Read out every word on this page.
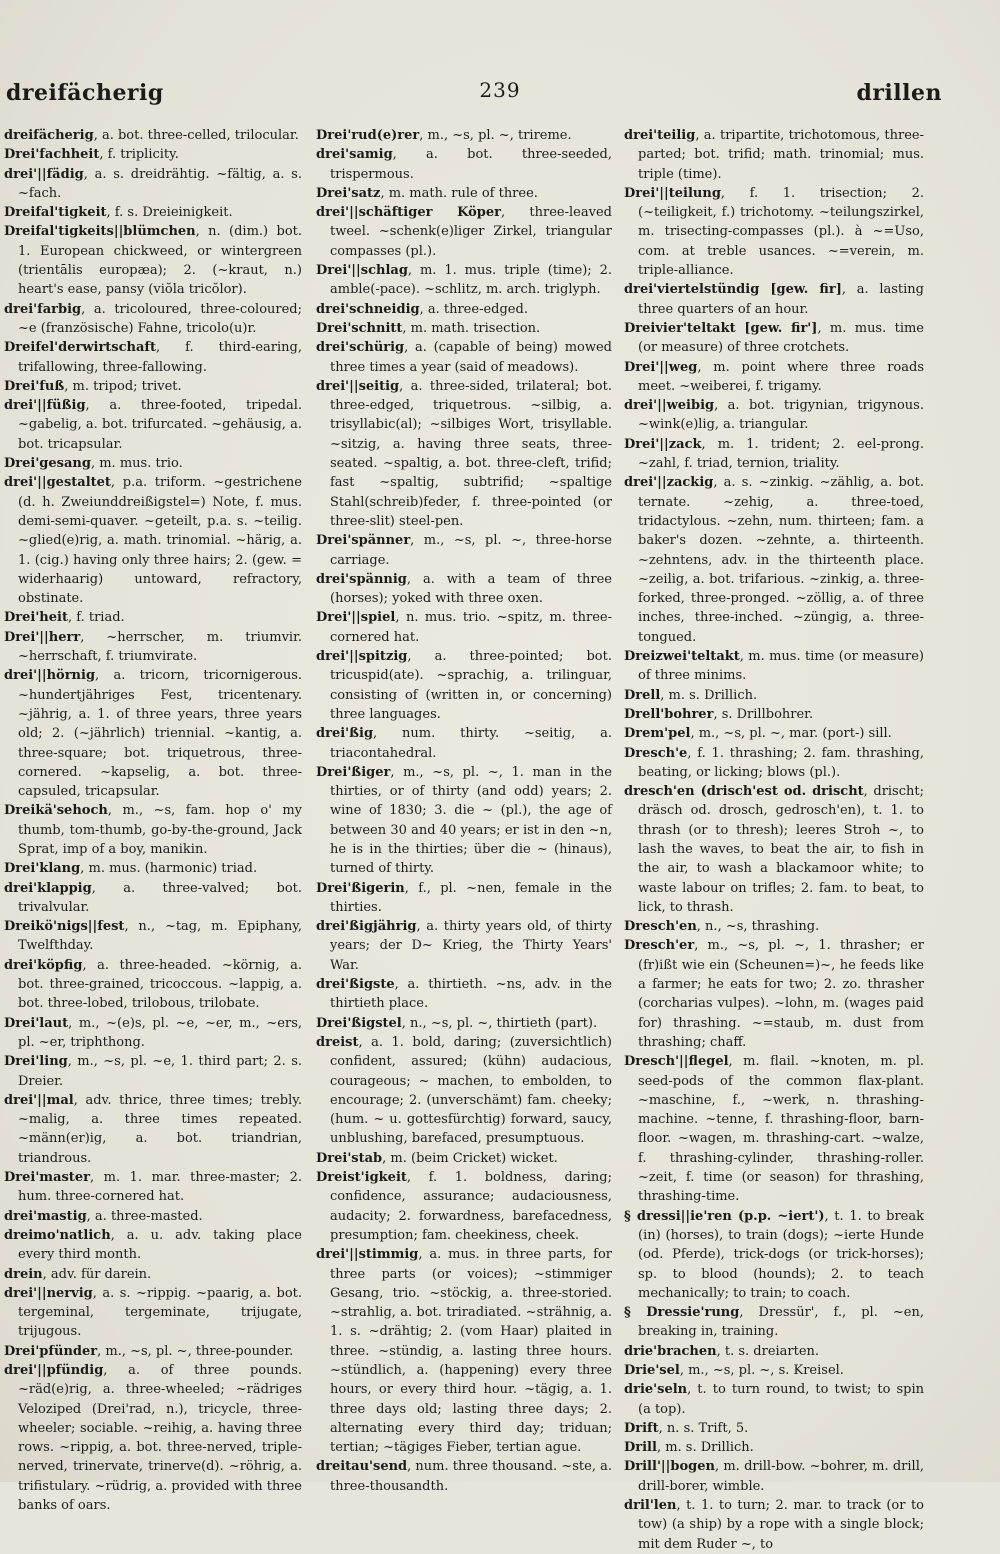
dreifächerig	239	drillen

dreifächerig, a. bot. three-celled, trilocular.

Drei'fachheit, f. triplicity.

drei'||fädig, a. s. dreidrähtig. ~fältig, a. s. ~fach.

Dreifal'tigkeit, f. s. Dreieinigkeit.

Dreifal'tigkeits||blümchen, n. (dim.) bot. 1. European chickweed, or wintergreen (trientālis europæa); 2. (~kraut, n.) heart's ease, pansy (viŏla tricŏlor).

drei'farbig, a. tricoloured, three-coloured; ~e (französische) Fahne, tricolo(u)r.

Dreifel'derwirtschaft, f. third-earing, trifallowing, three-fallowing.

Drei'fuß, m. tripod; trivet.

drei'||füßig, a. three-footed, tripedal. ~gabelig, a. bot. trifurcated. ~gehäusig, a. bot. tricapsular.

Drei'gesang, m. mus. trio.

drei'||gestaltet, p.a. triform. ~gestrichene (d. h. Zweiunddreißigstel=) Note, f. mus. demi-semi-quaver. ~geteilt, p.a. s. ~teilig. ~glied(e)rig, a. math. trinomial. ~härig, a. 1. (cig.) having only three hairs; 2. (gew. = widerhaarig) untoward, refractory, obstinate.

Drei'heit, f. triad.

Drei'||herr, ~herrscher, m. triumvir. ~herrschaft, f. triumvirate.

drei'||hörnig, a. tricorn, tricornigerous. ~hundertjähriges Fest, tricentenary. ~jährig, a. 1. of three years, three years old; 2. (~jährlich) triennial. ~kantig, a. three-square; bot. triquetrous, three-cornered. ~kapselig, a. bot. three-capsuled, tricapsular.

Dreikä'sehoch, m., ~s, fam. hop o' my thumb, tom-thumb, go-by-the-ground, Jack Sprat, imp of a boy, manikin.

Drei'klang, m. mus. (harmonic) triad.

drei'klappig, a. three-valved; bot. trivalvular.

Dreikö'nigs||fest, n., ~tag, m. Epiphany, Twelfthday.

drei'köpfig, a. three-headed. ~körnig, a. bot. three-grained, tricoccous. ~lappig, a. bot. three-lobed, trilobous, trilobate.

Drei'laut, m., ~(e)s, pl. ~e, ~er, m., ~ers, pl. ~er, triphthong.

Drei'ling, m., ~s, pl. ~e, 1. third part; 2. s. Dreier.

drei'||mal, adv. thrice, three times; trebly. ~malig, a. three times repeated. ~männ(er)ig, a. bot. triandrian, triandrous.

Drei'master, m. 1. mar. three-master; 2. hum. three-cornered hat.

drei'mastig, a. three-masted.

dreimo'natlich, a. u. adv. taking place every third month.

drein, adv. für darein.

drei'||nervig, a. s. ~rippig. ~paarig, a. bot. tergeminal, tergeminate, trijugate, trijugous.

Drei'pfünder, m., ~s, pl. ~, three-pounder.

drei'||pfündig, a. of three pounds. ~räd(e)rig, a. three-wheeled; ~rädriges Veloziped (Drei'rad, n.), tricycle, three-wheeler; sociable. ~reihig, a. having three rows. ~rippig, a. bot. three-nerved, triple-nerved, trinervate, trinerve(d). ~röhrig, a. trifistulary. ~rüdrig, a. provided with three banks of oars.

Drei'rud(e)rer, m., ~s, pl. ~, trireme.

drei'samig, a. bot. three-seeded, trispermous.

Drei'satz, m. math. rule of three.

drei'||schäftiger Köper, three-leaved tweel. ~schenk(e)liger Zirkel, triangular compasses (pl.).

Drei'||schlag, m. 1. mus. triple (time); 2. amble(-pace). ~schlitz, m. arch. triglyph.

drei'schneidig, a. three-edged.

Drei'schnitt, m. math. trisection.

drei'schürig, a. (capable of being) mowed three times a year (said of meadows).

drei'||seitig, a. three-sided, trilateral; bot. three-edged, triquetrous. ~silbig, a. trisyllabic(al); ~silbiges Wort, trisyllable. ~sitzig, a. having three seats, three-seated. ~spaltig, a. bot. three-cleft, trifid; fast ~spaltig, subtrifid; ~spaltige Stahl(schreib)feder, f. three-pointed (or three-slit) steel-pen.

Drei'spänner, m., ~s, pl. ~, three-horse carriage.

drei'spännig, a. with a team of three (horses); yoked with three oxen.

Drei'||spiel, n. mus. trio. ~spitz, m. three-cornered hat.

drei'||spitzig, a. three-pointed; bot. tricuspid(ate). ~sprachig, a. trilinguar, consisting of (written in, or concerning) three languages.

drei'ßig, num. thirty. ~seitig, a. triacontahedral.

Drei'ßiger, m., ~s, pl. ~, 1. man in the thirties, or of thirty (and odd) years; 2. wine of 1830; 3. die ~ (pl.), the age of between 30 and 40 years; er ist in den ~n, he is in the thirties; über die ~ (hinaus), turned of thirty.

Drei'ßigerin, f., pl. ~nen, female in the thirties.

drei'ßigjährig, a. thirty years old, of thirty years; der D~ Krieg, the Thirty Years' War.

drei'ßigste, a. thirtieth. ~ns, adv. in the thirtieth place.

Drei'ßigstel, n., ~s, pl. ~, thirtieth (part).

dreist, a. 1. bold, daring; (zuversichtlich) confident, assured; (kühn) audacious, courageous; ~ machen, to embolden, to encourage; 2. (unverschämt) fam. cheeky; (hum. ~ u. gottesfürchtig) forward, saucy, unblushing, barefaced, presumptuous.

Drei'stab, m. (beim Cricket) wicket.

Dreist'igkeit, f. 1. boldness, daring; confidence, assurance; audaciousness, audacity; 2. forwardness, barefacedness, presumption; fam. cheekiness, cheek.

drei'||stimmig, a. mus. in three parts, for three parts (or voices); ~stimmiger Gesang, trio. ~stöckig, a. three-storied. ~strahlig, a. bot. triradiated. ~strähnig, a. 1. s. ~drähtig; 2. (vom Haar) plaited in three. ~stündig, a. lasting three hours. ~stündlich, a. (happening) every three hours, or every third hour. ~tägig, a. 1. three days old; lasting three days; 2. alternating every third day; triduan; tertian; ~tägiges Fieber, tertian ague.

dreitau'send, num. three thousand. ~ste, a. three-thousandth.

drei'teilig, a. tripartite, trichotomous, three-parted; bot. trifid; math. trinomial; mus. triple (time).

Drei'||teilung, f. 1. trisection; 2. (~teiligkeit, f.) trichotomy. ~teilungszirkel, m. trisecting-compasses (pl.). à ~=Uso, com. at treble usances. ~=verein, m. triple-alliance.

drei'viertelstündig [gew. fir], a. lasting three quarters of an hour.

Dreivier'teltakt [gew. fir'], m. mus. time (or measure) of three crotchets.

Drei'||weg, m. point where three roads meet. ~weiberei, f. trigamy.

drei'||weibig, a. bot. trigynian, trigynous. ~wink(e)lig, a. triangular.

Drei'||zack, m. 1. trident; 2. eel-prong. ~zahl, f. triad, ternion, triality.

drei'||zackig, a. s. ~zinkig. ~zählig, a. bot. ternate. ~zehig, a. three-toed, tridactylous. ~zehn, num. thirteen; fam. a baker's dozen. ~zehnte, a. thirteenth. ~zehntens, adv. in the thirteenth place. ~zeilig, a. bot. trifarious. ~zinkig, a. three-forked, three-pronged. ~zöllig, a. of three inches, three-inched. ~züngig, a. three-tongued.

Dreizwei'teltakt, m. mus. time (or measure) of three minims.

Drell, m. s. Drillich.

Drell'bohrer, s. Drillbohrer.

Drem'pel, m., ~s, pl. ~, mar. (port-) sill.

Dresch'e, f. 1. thrashing; 2. fam. thrashing, beating, or licking; blows (pl.).

dresch'en (drisch'est od. drischt, drischt; dräsch od. drosch, gedrosch'en), t. 1. to thrash (or to thresh); leeres Stroh ~, to lash the waves, to beat the air, to fish in the air, to wash a blackamoor white; to waste labour on trifles; 2. fam. to beat, to lick, to thrash.

Dresch'en, n., ~s, thrashing.

Dresch'er, m., ~s, pl. ~, 1. thrasher; er (fr)ißt wie ein (Scheunen=)~, he feeds like a farmer; he eats for two; 2. zo. thrasher (corcharias vulpes). ~lohn, m. (wages paid for) thrashing. ~=staub, m. dust from thrashing; chaff.

Dresch'||flegel, m. flail. ~knoten, m. pl. seed-pods of the common flax-plant. ~maschine, f., ~werk, n. thrashing-machine. ~tenne, f. thrashing-floor, barn-floor. ~wagen, m. thrashing-cart. ~walze, f. thrashing-cylinder, thrashing-roller. ~zeit, f. time (or season) for thrashing, thrashing-time.

§ dressi||ie'ren (p.p. ~iert'), t. 1. to break (in) (horses), to train (dogs); ~ierte Hunde (od. Pferde), trick-dogs (or trick-horses); sp. to blood (hounds); 2. to teach mechanically; to train; to coach.

§ Dressie'rung, Dressür', f., pl. ~en, breaking in, training.

drie'brachen, t. s. dreiarten.

Drie'sel, m., ~s, pl. ~, s. Kreisel.

drie'seln, t. to turn round, to twist; to spin (a top).

Drift, n. s. Trift, 5.

Drill, m. s. Drillich.

Drill'||bogen, m. drill-bow. ~bohrer, m. drill, drill-borer, wimble.

dril'len, t. 1. to turn; 2. mar. to track (or to tow) (a ship) by a rope with a single block; mit dem Ruder ~, to
